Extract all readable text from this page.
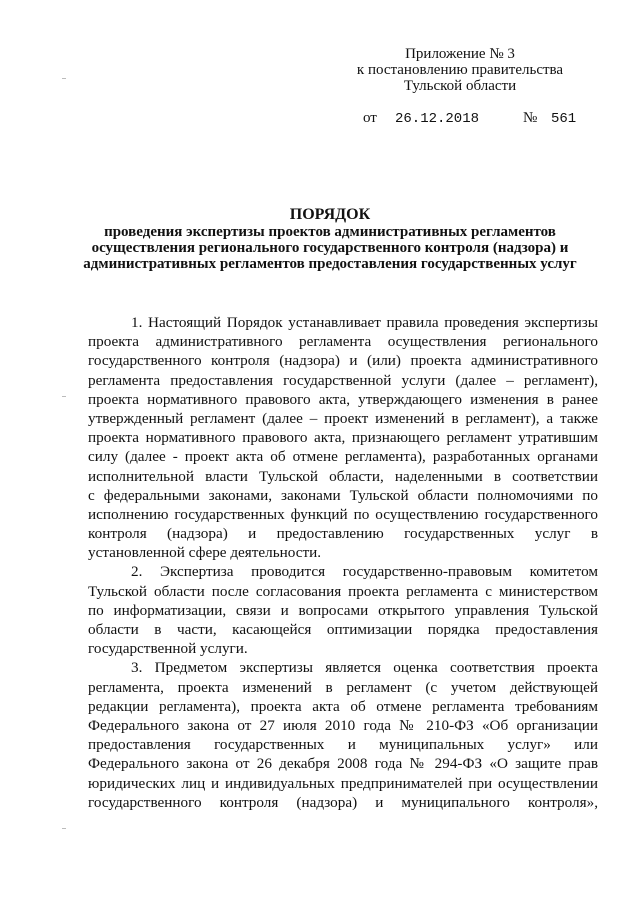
Приложение № 3
к постановлению правительства
Тульской области
от 26.12.2018	№ 561
ПОРЯДОК
проведения экспертизы проектов административных регламентов
осуществления регионального государственного контроля (надзора) и
административных регламентов предоставления государственных услуг
1. Настоящий Порядок устанавливает правила проведения экспертизы
проекта административного регламента осуществления регионального
государственного контроля (надзора) и (или) проекта административного
регламента предоставления государственной услуги (далее – регламент),
проекта нормативного правового акта, утверждающего изменения в ранее
утвержденный регламент (далее – проект изменений в регламент), а также
проекта нормативного правового акта, признающего регламент утратившим
силу (далее - проект акта об отмене регламента), разработанных органами
исполнительной власти Тульской области, наделенными в соответствии
с федеральными законами, законами Тульской области полномочиями по
исполнению государственных функций по осуществлению государственного
контроля (надзора) и предоставлению государственных услуг в
установленной сфере деятельности.
2. Экспертиза проводится государственно-правовым комитетом
Тульской области после согласования проекта регламента с министерством
по информатизации, связи и вопросами открытого управления Тульской
области в части, касающейся оптимизации порядка предоставления
государственной услуги.
3. Предметом экспертизы является оценка соответствия проекта
регламента, проекта изменений в регламент (с учетом действующей
редакции регламента), проекта акта об отмене регламента требованиям
Федерального закона от 27 июля 2010 года № 210-ФЗ «Об организации
предоставления государственных и муниципальных услуг» или
Федерального закона от 26 декабря 2008 года № 294-ФЗ «О защите прав
юридических лиц и индивидуальных предпринимателей при осуществлении
государственного контроля (надзора) и муниципального контроля»,
